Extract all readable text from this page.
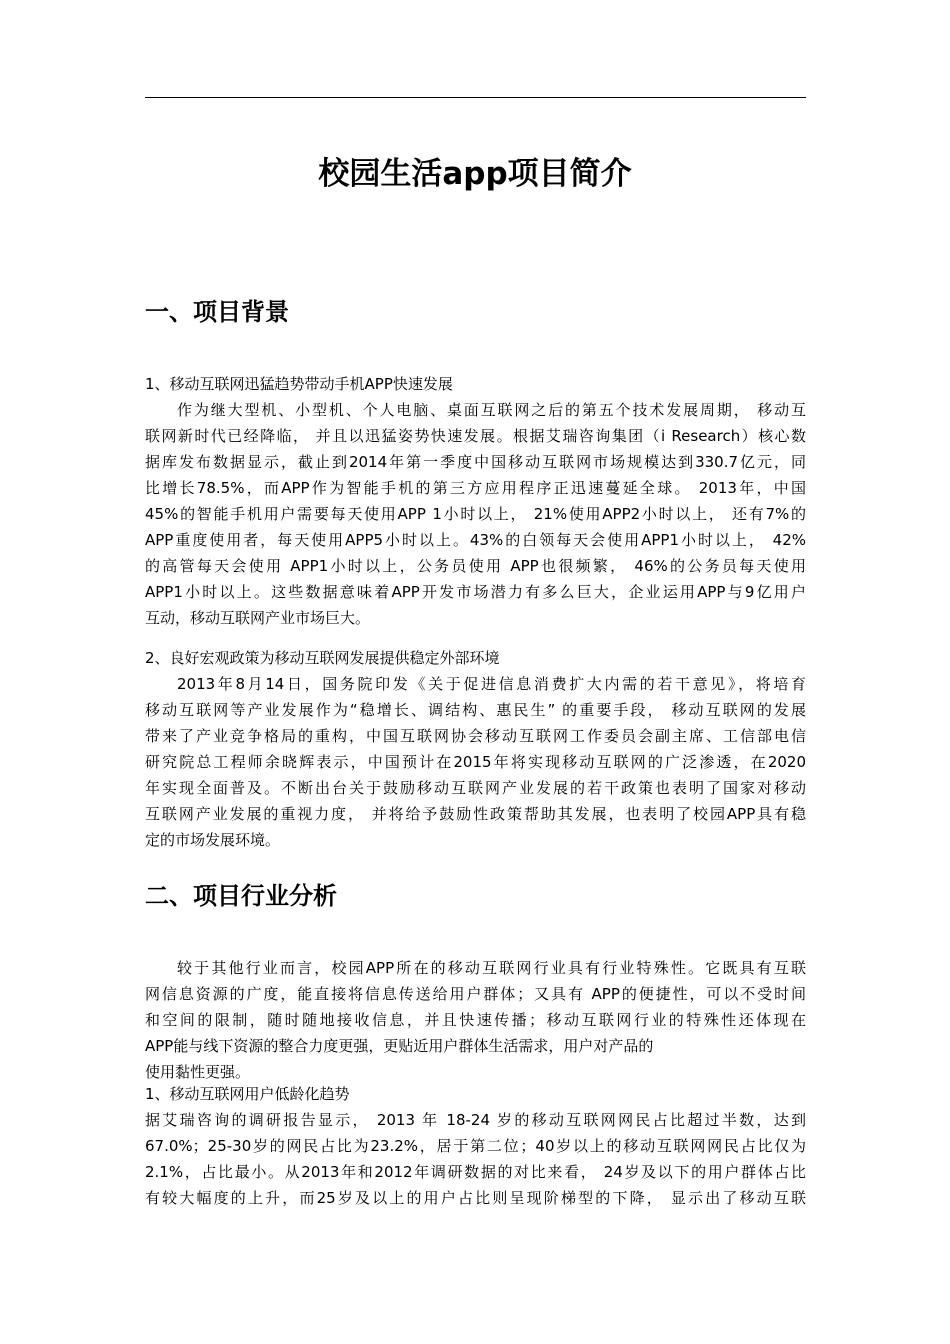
校园生活app项目简介
一、项目背景
1、移动互联网迅猛趋势带动手机APP快速发展
作为继大型机、小型机、个人电脑、桌面互联网之后的第五个技术发展周期， 移动互
联网新时代已经降临， 并且以迅猛姿势快速发展。根据艾瑞咨询集团（i Research）核心数
据库发布数据显示，截止到2014年第一季度中国移动互联网市场规模达到330.7亿元，同
比增长78.5%，而APP作为智能手机的第三方应用程序正迅速蔓延全球。 2013年，中国
45%的智能手机用户需要每天使用APP 1小时以上， 21%使用APP2小时以上， 还有7%的
APP重度使用者，每天使用APP5小时以上。43%的白领每天会使用APP1小时以上， 42%
的高管每天会使用 APP1小时以上，公务员使用 APP也很频繁， 46%的公务员每天使用
APP1小时以上。这些数据意味着APP开发市场潜力有多么巨大，企业运用APP与9亿用户
互动，移动互联网产业市场巨大。
2、良好宏观政策为移动互联网发展提供稳定外部环境
2013年8月14日，国务院印发《关于促进信息消费扩大内需的若干意见》，将培育
移动互联网等产业发展作为“稳增长、调结构、惠民生” 的重要手段， 移动互联网的发展
带来了产业竞争格局的重构，中国互联网协会移动互联网工作委员会副主席、工信部电信
研究院总工程师余晓辉表示，中国预计在2015年将实现移动互联网的广泛渗透，在2020
年实现全面普及。不断出台关于鼓励移动互联网产业发展的若干政策也表明了国家对移动
互联网产业发展的重视力度， 并将给予鼓励性政策帮助其发展，也表明了校园APP具有稳
定的市场发展环境。
二、项目行业分析
较于其他行业而言，校园APP所在的移动互联网行业具有行业特殊性。它既具有互联
网信息资源的广度，能直接将信息传送给用户群体；又具有 APP的便捷性，可以不受时间
和空间的限制，随时随地接收信息，并且快速传播；移动互联网行业的特殊性还体现在
APP能与线下资源的整合力度更强，更贴近用户群体生活需求，用户对产品的
使用黏性更强。
1、移动互联网用户低龄化趋势
据艾瑞咨询的调研报告显示， 2013 年 18-24 岁的移动互联网网民占比超过半数，达到
67.0%；25-30岁的网民占比为23.2%，居于第二位；40岁以上的移动互联网网民占比仅为
2.1%，占比最小。从2013年和2012年调研数据的对比来看， 24岁及以下的用户群体占比
有较大幅度的上升，而25岁及以上的用户占比则呈现阶梯型的下降， 显示出了移动互联
